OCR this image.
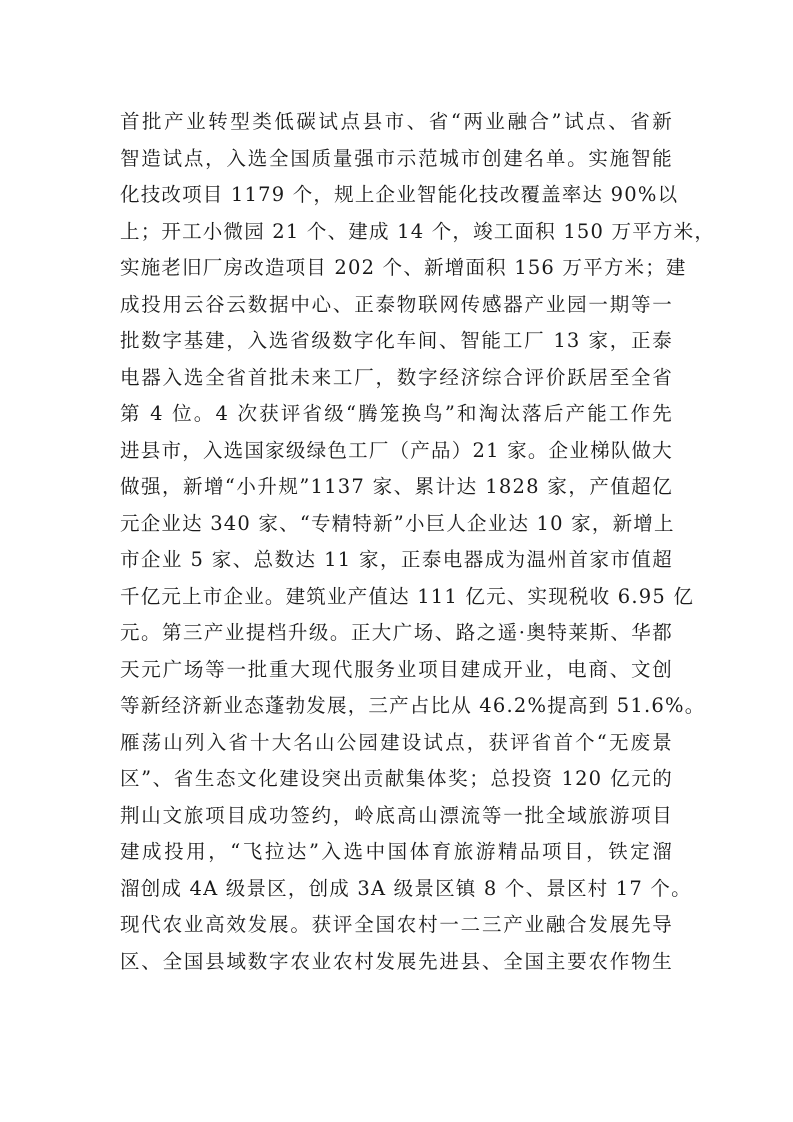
首批产业转型类低碳试点县市、省“两业融合”试点、省新
智造试点，入选全国质量强市示范城市创建名单。实施智能
化技改项目 1179 个，规上企业智能化技改覆盖率达 90%以
上；开工小微园 21 个、建成 14 个，竣工面积 150 万平方米，
实施老旧厂房改造项目 202 个、新增面积 156 万平方米；建
成投用云谷云数据中心、正泰物联网传感器产业园一期等一
批数字基建，入选省级数字化车间、智能工厂 13 家，正泰
电器入选全省首批未来工厂，数字经济综合评价跃居至全省
第 4 位。4 次获评省级“腾笼换鸟”和淘汰落后产能工作先
进县市，入选国家级绿色工厂（产品）21 家。企业梯队做大
做强，新增“小升规”1137 家、累计达 1828 家，产值超亿
元企业达 340 家、“专精特新”小巨人企业达 10 家，新增上
市企业 5 家、总数达 11 家，正泰电器成为温州首家市值超
千亿元上市企业。建筑业产值达 111 亿元、实现税收 6.95 亿
元。第三产业提档升级。正大广场、路之遥·奥特莱斯、华都
天元广场等一批重大现代服务业项目建成开业，电商、文创
等新经济新业态蓬勃发展，三产占比从 46.2%提高到 51.6%。
雁荡山列入省十大名山公园建设试点，获评省首个“无废景
区”、省生态文化建设突出贡献集体奖；总投资 120 亿元的
荆山文旅项目成功签约，岭底高山漂流等一批全域旅游项目
建成投用，“飞拉达”入选中国体育旅游精品项目，铁定溜
溜创成 4A 级景区，创成 3A 级景区镇 8 个、景区村 17 个。
现代农业高效发展。获评全国农村一二三产业融合发展先导
区、全国县域数字农业农村发展先进县、全国主要农作物生
